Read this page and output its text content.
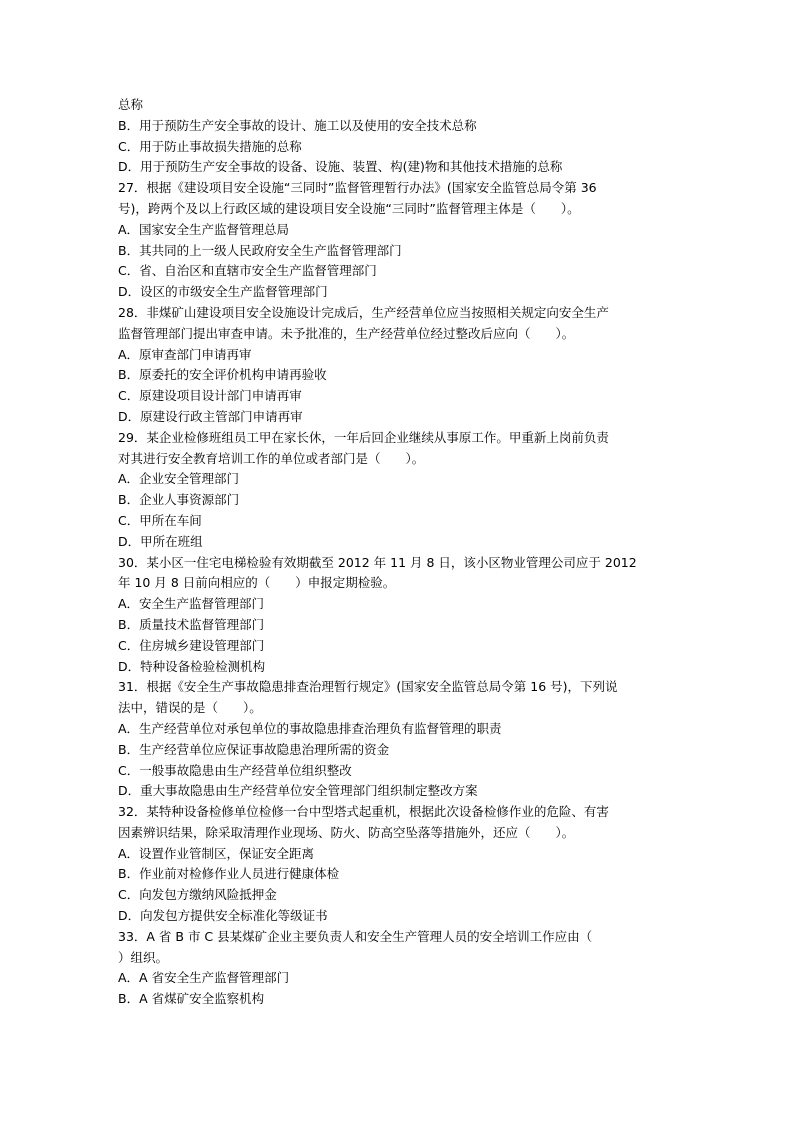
总称
B．用于预防生产安全事故的设计、施工以及使用的安全技术总称
C．用于防止事故损失措施的总称
D．用于预防生产安全事故的设备、设施、装置、构(建)物和其他技术措施的总称
27．根据《建设项目安全设施“三同时”监督管理暂行办法》(国家安全监管总局令第 36
号)，跨两个及以上行政区域的建设项目安全设施“三同时”监督管理主体是（　　）。
A．国家安全生产监督管理总局
B．其共同的上一级人民政府安全生产监督管理部门
C．省、自治区和直辖市安全生产监督管理部门
D．设区的市级安全生产监督管理部门
28．非煤矿山建设项目安全设施设计完成后，生产经营单位应当按照相关规定向安全生产
监督管理部门提出审查申请。未予批准的，生产经营单位经过整改后应向（　　）。
A．原审查部门申请再审
B．原委托的安全评价机构申请再验收
C．原建设项目设计部门申请再审
D．原建设行政主管部门申请再审
29．某企业检修班组员工甲在家长休，一年后回企业继续从事原工作。甲重新上岗前负责
对其进行安全教育培训工作的单位或者部门是（　　）。
A．企业安全管理部门
B．企业人事资源部门
C．甲所在车间
D．甲所在班组
30．某小区一住宅电梯检验有效期截至 2012 年 11 月 8 日，该小区物业管理公司应于 2012
年 10 月 8 日前向相应的（　　）申报定期检验。
A．安全生产监督管理部门
B．质量技术监督管理部门
C．住房城乡建设管理部门
D．特种设备检验检测机构
31．根据《安全生产事故隐患排查治理暂行规定》(国家安全监管总局令第 16 号)，下列说
法中，错误的是（　　）。
A．生产经营单位对承包单位的事故隐患排查治理负有监督管理的职责
B．生产经营单位应保证事故隐患治理所需的资金
C．一般事故隐患由生产经营单位组织整改
D．重大事故隐患由生产经营单位安全管理部门组织制定整改方案
32．某特种设备检修单位检修一台中型塔式起重机，根据此次设备检修作业的危险、有害
因素辨识结果，除采取清理作业现场、防火、防高空坠落等措施外，还应（　　）。
A．设置作业管制区，保证安全距离
B．作业前对检修作业人员进行健康体检
C．向发包方缴纳风险抵押金
D．向发包方提供安全标准化等级证书
33．A 省 B 市 C 县某煤矿企业主要负责人和安全生产管理人员的安全培训工作应由（
）组织。
A．A 省安全生产监督管理部门
B．A 省煤矿安全监察机构
